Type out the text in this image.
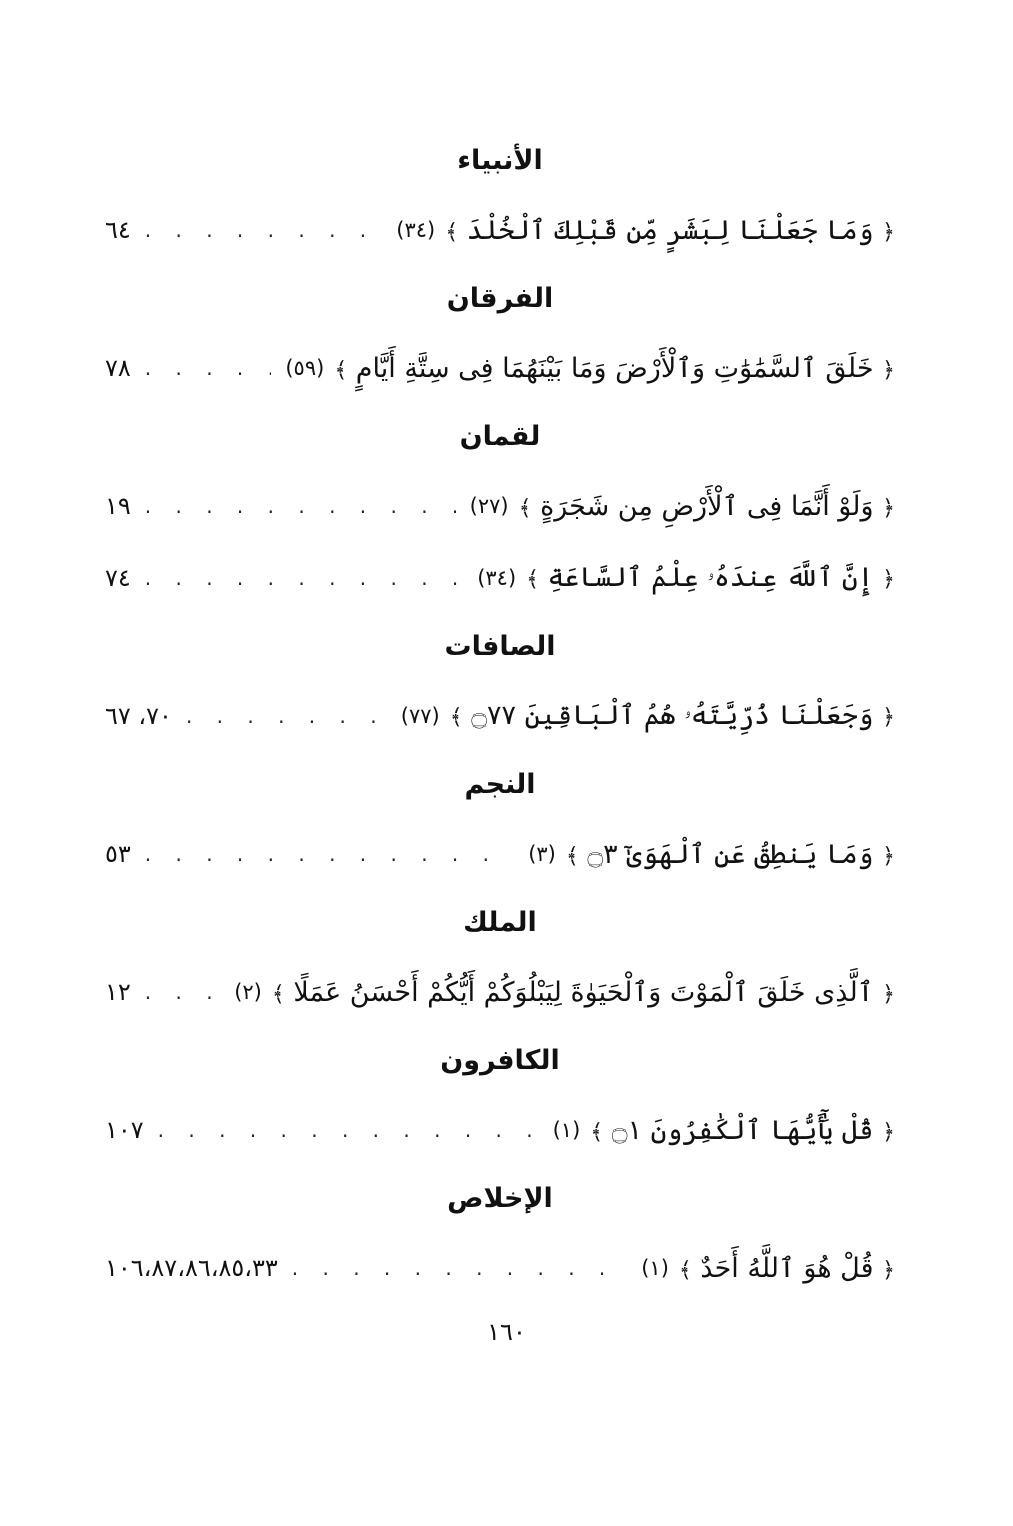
الأنبياء
﴿ وَمَا جَعَلْنَا لِبَشَرٍ مِّن قَبْلِكَ ٱلْخُلْدَ ﴾
(٣٤)
. . .
٦٤
الفرقان
﴿ خَلَقَ ٱلسَّمَٰوَٰتِ وَٱلْأَرْضَ وَمَا بَيْنَهُمَا فِى سِتَّةِ أَيَّامٍ ﴾
(٥٩)
. . .
٧٨
لقمان
﴿ وَلَوْ أَنَّمَا فِى ٱلْأَرْضِ مِن شَجَرَةٍ ﴾
(٢٧)
. . .
١٩
﴿ إِنَّ ٱللَّهَ عِندَهُۥ عِلْمُ ٱلسَّاعَةِ ﴾
(٣٤)
. . .
٧٤
الصافات
﴿ وَجَعَلْنَا ذُرِّيَّتَهُۥ هُمُ ٱلْبَاقِينَ ۝٧٧ ﴾
(٧٧)
. . .
٧٠، ٦٧
النجم
﴿ وَمَا يَنطِقُ عَنِ ٱلْهَوَىٰٓ ۝٣ ﴾
(٣)
. . .
٥٣
الملك
﴿ ٱلَّذِى خَلَقَ ٱلْمَوْتَ وَٱلْحَيَوٰةَ لِيَبْلُوَكُمْ أَيُّكُمْ أَحْسَنُ عَمَلًا ﴾
(٢)
. . .
١٢
الكافرون
﴿ قُلْ يَٰٓأَيُّهَا ٱلْكَٰفِرُونَ ۝١ ﴾
(١)
. . .
١٠٧
الإخلاص
﴿ قُلْ هُوَ ٱللَّهُ أَحَدٌ ﴾
(١)
. . .
١٠٦،٨٧،٨٦،٨٥،٣٣
١٦٠
